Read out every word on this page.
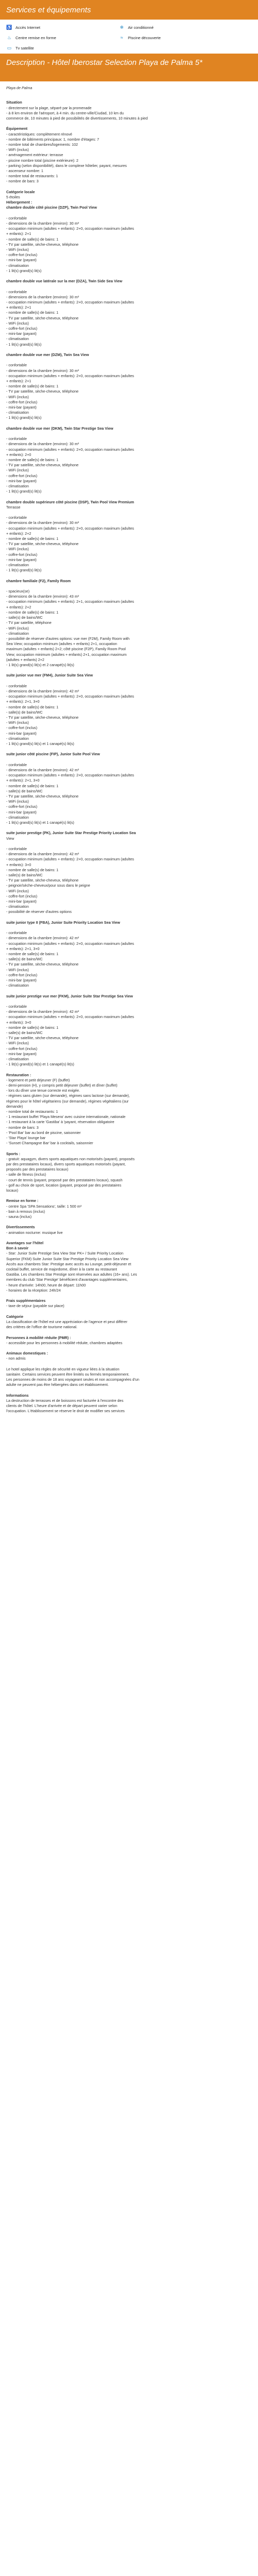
Services et équipements
♿ Accès Internet	❄ Air conditionné
♨ Centre remise en forme	≈	Piscine découverte
▭ Tv satellite
Description - Hôtel Iberostar Selection Playa de Palma 5*

Playa de Palma

Situation

- directement sur la plage, séparé par la promenade

- à 8 km environ de l'aéroport, à 4 min. du centre-ville/Ciudad, 10 km du

commerce de, 10 minutes à pied de possibilités de divertissements, 10 minutes à pied

Équipement

- caractéristiques: complètement rénové

- nombre de bâtiments principaux: 1, nombre d'étages: 7

- nombre total de chambres/logements: 102

- WiFi (inclus)

- aménagement extérieur: terrasse

- piscine nombre total (piscine extérieure): 2

- parking (selon disponibilité), dans le complexe hôtelier, payant, mesures

- ascenseur nombre: 1

- nombre total de restaurants: 1

- nombre de bars: 3

Catégorie locale

5 étoiles

Hébergement :

chambre double côté piscine (DZP), Twin Pool View

- confortable

- dimensions de la chambre (environ): 30 m²

- occupation minimum (adultes + enfants): 2+0, occupation maximum (adultes

+ enfants): 2+1

- nombre de salle(s) de bains: 1

- TV par satellite, sèche-cheveux, téléphone

- WiFi (inclus)

- coffre-fort (inclus)

- mini-bar (payant)

- climatisation

- 1 lit(s) grand(s) lit(s)

chambre double vue latérale sur la mer (DZA), Twin Side Sea View

- confortable

- dimensions de la chambre (environ): 30 m²

- occupation minimum (adultes + enfants): 2+0, occupation maximum (adultes

+ enfants): 2+1

- nombre de salle(s) de bains: 1

- TV par satellite, sèche-cheveux, téléphone

- WiFi (inclus)

- coffre-fort (inclus)

- mini-bar (payant)

- climatisation

- 1 lit(s) grand(s) lit(s)

chambre double vue mer (DZM), Twin Sea View

- confortable

- dimensions de la chambre (environ): 30 m²

- occupation minimum (adultes + enfants): 2+0, occupation maximum (adultes

+ enfants): 2+1

- nombre de salle(s) de bains: 1

- TV par satellite, sèche-cheveux, téléphone

- WiFi (inclus)

- coffre-fort (inclus)

- mini-bar (payant)

- climatisation

- 1 lit(s) grand(s) lit(s)

chambre double vue mer (DKM), Twin Star Prestige Sea View

- confortable

- dimensions de la chambre (environ): 30 m²

- occupation minimum (adultes + enfants): 2+0, occupation maximum (adultes

+ enfants): 2+0

- nombre de salle(s) de bains: 1

- TV par satellite, sèche-cheveux, téléphone

- WiFi (inclus)

- coffre-fort (inclus)

- mini-bar (payant)

- climatisation

- 1 lit(s) grand(s) lit(s)

chambre double supérieure côté piscine (DSP), Twin Pool View Premium

Terrasse

- confortable

- dimensions de la chambre (environ): 30 m²

- occupation minimum (adultes + enfants): 2+0, occupation maximum (adultes

+ enfants): 2+2

- nombre de salle(s) de bains: 1

- TV par satellite, sèche-cheveux, téléphone

- WiFi (inclus)

- coffre-fort (inclus)

- mini-bar (payant)

- climatisation

- 1 lit(s) grand(s) lit(s)

chambre familiale (F2), Family Room

- spacieux(se)

- dimensions de la chambre (environ): 43 m²

- occupation minimum (adultes + enfants): 2+1, occupation maximum (adultes

+ enfants): 2+2

- nombre de salle(s) de bains: 1

- salle(s) de bains/WC

- TV par satellite, téléphone

- WiFi (inclus)

- climatisation

- possibilité de réserver d'autres options: vue mer (F2M), Family Room with

Sea View; occupation minimum (adultes + enfants) 2+1, occupation

maximum (adultes + enfants) 2+2; côté piscine (F2P), Family Room Pool

View; occupation minimum (adultes + enfants) 2+1, occupation maximum

(adultes + enfants) 2+2

- 1 lit(s) grand(s) lit(s) et 2 canapé(s) lit(s)

suite junior vue mer (FM4), Junior Suite Sea View

- confortable

- dimensions de la chambre (environ): 42 m²

- occupation minimum (adultes + enfants): 2+0, occupation maximum (adultes

+ enfants): 2+1, 3+0

- nombre de salle(s) de bains: 1

- salle(s) de bains/WC

- TV par satellite, sèche-cheveux, téléphone

- WiFi (inclus)

- coffre-fort (inclus)

- mini-bar (payant)

- climatisation

- 1 lit(s) grand(s) lit(s) et 1 canapé(s) lit(s)

suite junior côté piscine (FIP), Junior Suite Pool View

- confortable

- dimensions de la chambre (environ): 42 m²

- occupation minimum (adultes + enfants): 2+0, occupation maximum (adultes

+ enfants): 2+1, 3+0

- nombre de salle(s) de bains: 1

- salle(s) de bains/WC

- TV par satellite, sèche-cheveux, téléphone

- WiFi (inclus)

- coffre-fort (inclus)

- mini-bar (payant)

- climatisation

- 1 lit(s) grand(s) lit(s) et 1 canapé(s) lit(s)

suite junior prestige (PK), Junior Suite Star Prestige Priority Location Sea

View

- confortable

- dimensions de la chambre (environ): 42 m²

- occupation minimum (adultes + enfants): 2+0, occupation maximum (adultes

+ enfants): 3+0

- nombre de salle(s) de bains: 1

- salle(s) de bains/WC

- TV par satellite, sèche-cheveux, téléphone

- peignoir/sèche-cheveux/pour sous dans le peigne

- WiFi (inclus)

- coffre-fort (inclus)

- mini-bar (payant)

- climatisation

- possibilité de réserver d'autres options

suite junior type II (FBA), Junior Suite Priority Location Sea View

- confortable

- dimensions de la chambre (environ): 42 m²

- occupation minimum (adultes + enfants): 2+0, occupation maximum (adultes

+ enfants): 2+1, 3+0

- nombre de salle(s) de bains: 1

- salle(s) de bains/WC

- TV par satellite, sèche-cheveux, téléphone

- WiFi (inclus)

- coffre-fort (inclus)

- mini-bar (payant)

- climatisation

suite junior prestige vue mer (FKM), Junior Suite Star Prestige Sea View

- confortable

- dimensions de la chambre (environ): 42 m²

- occupation minimum (adultes + enfants): 2+0, occupation maximum (adultes

+ enfants): 3+0

- nombre de salle(s) de bains: 1

- salle(s) de bains/WC

- TV par satellite, sèche-cheveux, téléphone

- WiFi (inclus)

- coffre-fort (inclus)

- mini-bar (payant)

- climatisation

- 1 lit(s) grand(s) lit(s) et 1 canapé(s) lit(s)

Restauration :

- logement et petit déjeuner (F) (buffet)

- demi-pension (H), y compris petit déjeuner (buffet) et dîner (buffet)

- lors du dîner une tenue correcte est exigée.

- régimes sans gluten (sur demande), régimes sans lactose (sur demande),

régimes pour le hôtel végétariens (sur demande), régimes végétaliens (sur

demande)

- nombre total de restaurants: 1

- 1 restaurant buffet 'Playa Mesera' avec cuisine internationale, nationale

- 1 restaurant à la carte 'Gastiba' à 'payant, réservation obligatoire

- nombre de bars: 3

- 'Pool Bar' bar au bord de piscine, saisonnier

- 'Star Playa' lounge bar

- 'Sunset Champagne Bar' bar à cocktails, saisonnier

Sports :

- gratuit: aquagym, divers sports aquatiques non motorisés (payant), proposés

par des prestataires locaux), divers sports aquatiques motorisés (payant,

proposés par des prestataires locaux)

- salle de fitness (inclus)

- court de tennis (payant, proposé par des prestataires locaux), squash

- golf au choix de sport, location (payant, proposé par des prestataires

locaux)

Remise en forme :

- centre Spa 'SPA Sensations', taille: 1 500 m²

- bain à remous (inclus)

- sauna (inclus)

Divertissements

- animation nocturne: musique live

Avantages sur l'hôtel

Bon à savoir

- Star: Junior Suite Prestige Sea View Star PK+ / Suite Priority Location

Superior (FKM) Suite Junior Suite Star Prestige Priority Location Sea View

Accès aux chambres Star: Prestige avec accès au Lounge, petit-déjeuner et

cocktail buffet, service de majordome, dîner à la carte au restaurant

Gastiba. Les chambres Star Prestige sont réservées aux adultes (16+ ans). Les

membres du club 'Star Prestige' bénéficient d'avantages supplémentaires,

- heure d'arrivée: 14h00, heure de départ: 11h00

- horaires de la réception: 24h/24

Frais supplémentaires

- taxe de séjour (payable sur place)

Catégorie

La classification de l'hôtel est une appréciation de l'agence et peut différer

des critères de l'office de tourisme national.

Personnes à mobilité réduite (PMR) :

- accessible pour les personnes à mobilité réduite, chambres adaptées

Animaux domestiques :

- non admis

Le hotel applique les règles de sécurité en vigueur liées à la situation

sanitaire. Certains services peuvent être limités ou fermés temporairement.

Les personnes de moins de 18 ans voyageant seules et non accompagnées d'un

adulte ne peuvent pas être hébergées dans cet établissement.

Informations

La destruction de terrasses et de boissons est facturée à l'encontre des

clients de l'hôtel. L'heure d'arrivée et de départ peuvent varier selon

l'occupation. L'établissement se réserve le droit de modifier ses services
